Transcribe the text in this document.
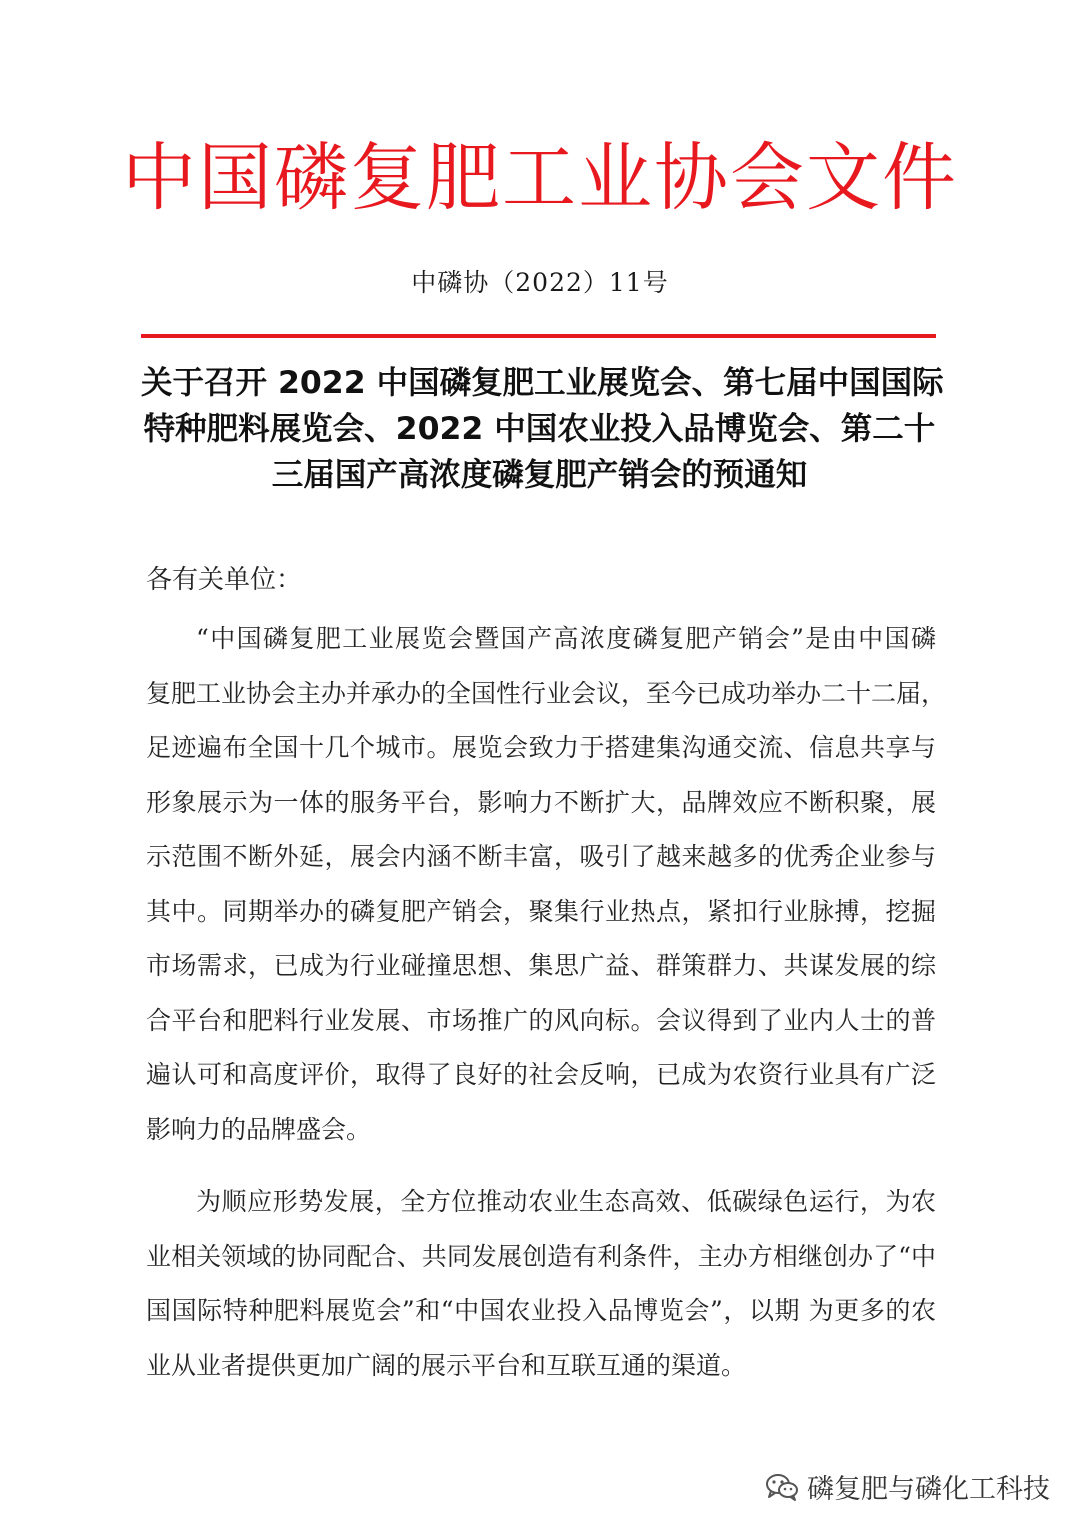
中国磷复肥工业协会文件
中磷协（2022）11号
关于召开 2022 中国磷复肥工业展览会、第七届中国国际
特种肥料展览会、2022 中国农业投入品博览会、第二十
三届国产高浓度磷复肥产销会的预通知
各有关单位：
“中国磷复肥工业展览会暨国产高浓度磷复肥产销会”是由中国磷
复肥工业协会主办并承办的全国性行业会议，至今已成功举办二十二届，
足迹遍布全国十几个城市。展览会致力于搭建集沟通交流、信息共享与
形象展示为一体的服务平台，影响力不断扩大，品牌效应不断积聚，展
示范围不断外延，展会内涵不断丰富，吸引了越来越多的优秀企业参与
其中。同期举办的磷复肥产销会，聚集行业热点，紧扣行业脉搏，挖掘
市场需求，已成为行业碰撞思想、集思广益、群策群力、共谋发展的综
合平台和肥料行业发展、市场推广的风向标。会议得到了业内人士的普
遍认可和高度评价，取得了良好的社会反响，已成为农资行业具有广泛
影响力的品牌盛会。
为顺应形势发展，全方位推动农业生态高效、低碳绿色运行，为农
业相关领域的协同配合、共同发展创造有利条件，主办方相继创办了“中
国国际特种肥料展览会”和“中国农业投入品博览会”，以期 为更多的农
业从业者提供更加广阔的展示平台和互联互通的渠道。
磷复肥与磷化工科技
